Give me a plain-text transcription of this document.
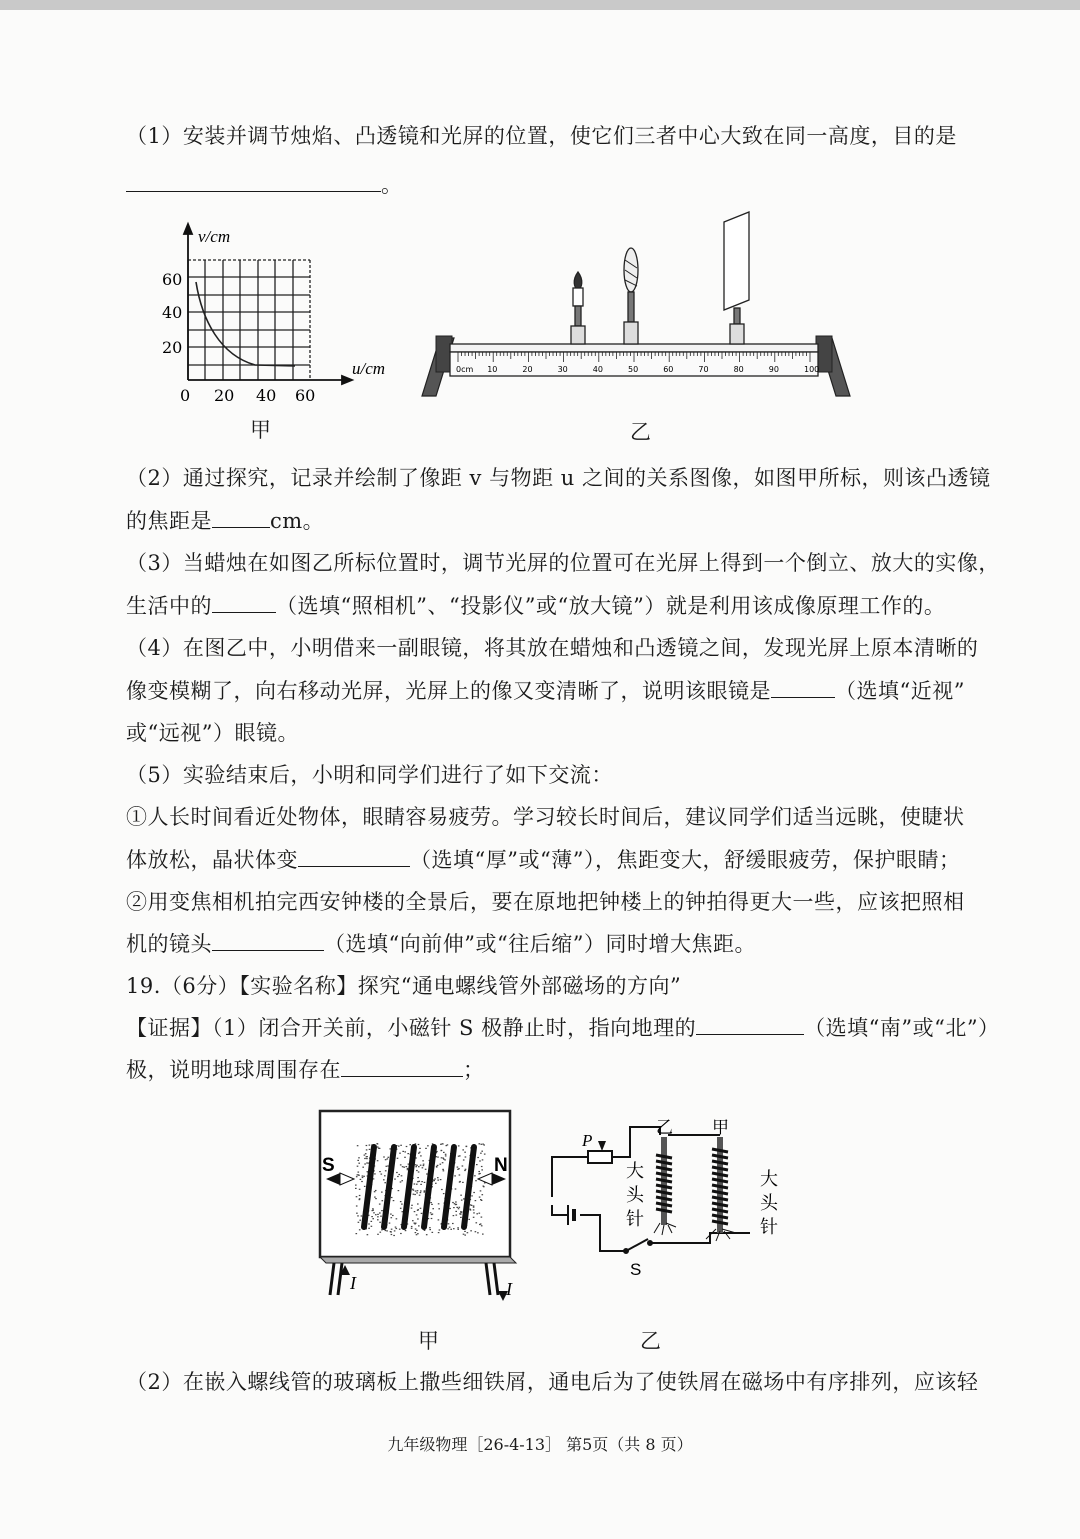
（1）安装并调节烛焰、凸透镜和光屏的位置，使它们三者中心大致在同一高度，目的是
。
v/cm
u/cm
60
40
20
0 20 40 60
甲
0cm 10	20	30	40	50	60	70	80	90	100
乙
（2）通过探究，记录并绘制了像距 v 与物距 u 之间的关系图像，如图甲所标，则该凸透镜
的焦距是	cm。
（3）当蜡烛在如图乙所标位置时，调节光屏的位置可在光屏上得到一个倒立、放大的实像，
生活中的	（选填“照相机”、“投影仪”或“放大镜”）就是利用该成像原理工作的。
（4）在图乙中，小明借来一副眼镜，将其放在蜡烛和凸透镜之间，发现光屏上原本清晰的
像变模糊了，向右移动光屏，光屏上的像又变清晰了，说明该眼镜是	（选填“近视”
或“远视”）眼镜。
（5）实验结束后，小明和同学们进行了如下交流：
①人长时间看近处物体，眼睛容易疲劳。学习较长时间后，建议同学们适当远眺，使睫状
体放松，晶状体变	（选填“厚”或“薄”），焦距变大，舒缓眼疲劳，保护眼睛；
②用变焦相机拍完西安钟楼的全景后，要在原地把钟楼上的钟拍得更大一些，应该把照相
机的镜头	（选填“向前伸”或“往后缩”）同时增大焦距。
19.（6分）【实验名称】探究“通电螺线管外部磁场的方向”
【证据】（1）闭合开关前，小磁针 S 极静止时，指向地理的	（选填“南”或“北”）
极，说明地球周围存在	；
S	N
I	I
甲
P
乙 甲
大
头
针
大
头
针
S
乙
（2）在嵌入螺线管的玻璃板上撒些细铁屑，通电后为了使铁屑在磁场中有序排列，应该轻
九年级物理［26-4-13］ 第5页（共 8 页）
